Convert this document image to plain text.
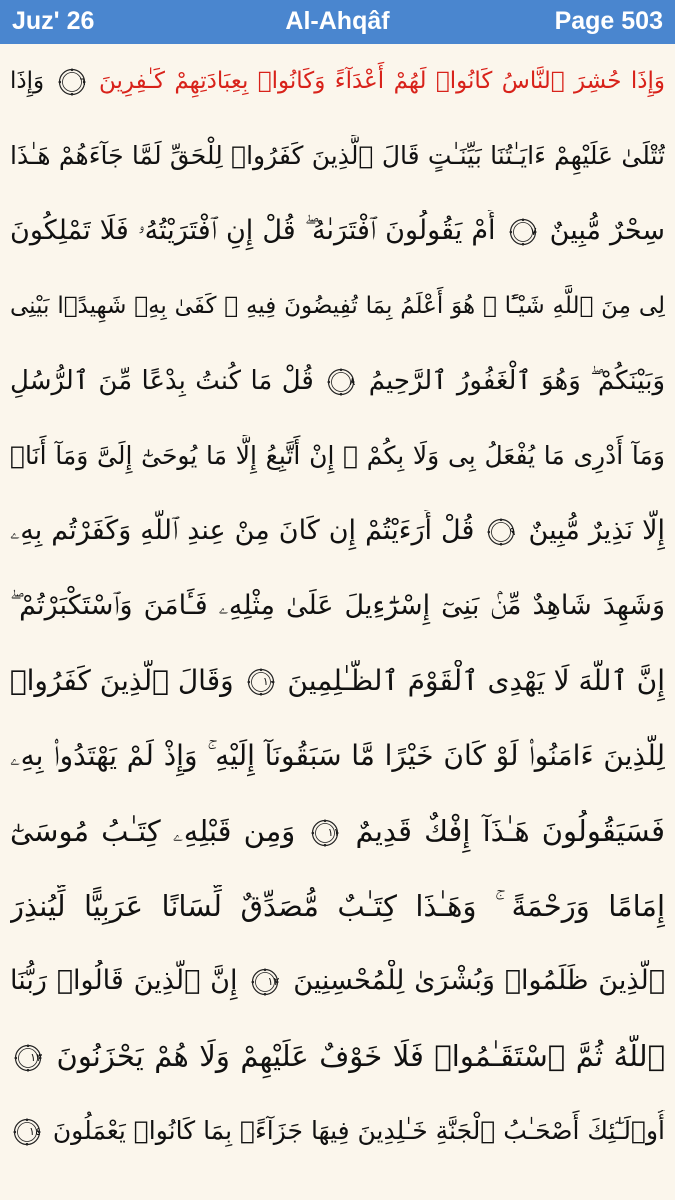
Juz' 26	Al-Ahqâf	Page 503
وَإِذَا حُشِرَ ٱلنَّاسُ كَانُوا۟ لَهُمْ أَعْدَآءً وَكَانُوا۟ بِعِبَادَتِهِمْ كَـٰفِرِينَ
٦
وَإِذَا
تُتْلَىٰ عَلَيْهِمْ ءَايَـٰتُنَا بَيِّنَـٰتٍ قَالَ ٱلَّذِينَ كَفَرُوا۟ لِلْحَقِّ لَمَّا جَآءَهُمْ هَـٰذَا
سِحْرٌ مُّبِينٌ
٧
أَمْ يَقُولُونَ ٱفْتَرَىٰهُ ۖ قُلْ إِنِ ٱفْتَرَيْتُهُۥ فَلَا تَمْلِكُونَ
لِى مِنَ ٱللَّهِ شَيْـًٔا ۖ هُوَ أَعْلَمُ بِمَا تُفِيضُونَ فِيهِ ۖ كَفَىٰ بِهِۦ شَهِيدًۢا بَيْنِى
وَبَيْنَكُمْ ۖ وَهُوَ ٱلْغَفُورُ ٱلرَّحِيمُ
٨
قُلْ مَا كُنتُ بِدْعًا مِّنَ ٱلرُّسُلِ
وَمَآ أَدْرِى مَا يُفْعَلُ بِى وَلَا بِكُمْ ۖ إِنْ أَتَّبِعُ إِلَّا مَا يُوحَىٰٓ إِلَىَّ وَمَآ أَنَا۠
إِلَّا نَذِيرٌ مُّبِينٌ
٩
قُلْ أَرَءَيْتُمْ إِن كَانَ مِنْ عِندِ ٱللَّهِ وَكَفَرْتُم بِهِۦ
وَشَهِدَ شَاهِدٌ مِّنۢ بَنِىٓ إِسْرَٰٓءِيلَ عَلَىٰ مِثْلِهِۦ فَـَٔامَنَ وَٱسْتَكْبَرْتُمْ ۖ
إِنَّ ٱللَّهَ لَا يَهْدِى ٱلْقَوْمَ ٱلظَّـٰلِمِينَ
١٠
وَقَالَ ٱلَّذِينَ كَفَرُوا۟
لِلَّذِينَ ءَامَنُوا۟ لَوْ كَانَ خَيْرًا مَّا سَبَقُونَآ إِلَيْهِ ۚ وَإِذْ لَمْ يَهْتَدُوا۟ بِهِۦ
فَسَيَقُولُونَ هَـٰذَآ إِفْكٌ قَدِيمٌ
١١
وَمِن قَبْلِهِۦ كِتَـٰبُ مُوسَىٰٓ
إِمَامًا وَرَحْمَةً ۚ وَهَـٰذَا كِتَـٰبٌ مُّصَدِّقٌ لِّسَانًا عَرَبِيًّا لِّيُنذِرَ
ٱلَّذِينَ ظَلَمُوا۟ وَبُشْرَىٰ لِلْمُحْسِنِينَ
١٢
إِنَّ ٱلَّذِينَ قَالُوا۟ رَبُّنَا
ٱللَّهُ ثُمَّ ٱسْتَقَـٰمُوا۟ فَلَا خَوْفٌ عَلَيْهِمْ وَلَا هُمْ يَحْزَنُونَ
١٣
أُو۟لَـٰٓئِكَ أَصْحَـٰبُ ٱلْجَنَّةِ خَـٰلِدِينَ فِيهَا جَزَآءًۢ بِمَا كَانُوا۟ يَعْمَلُونَ
١٤
